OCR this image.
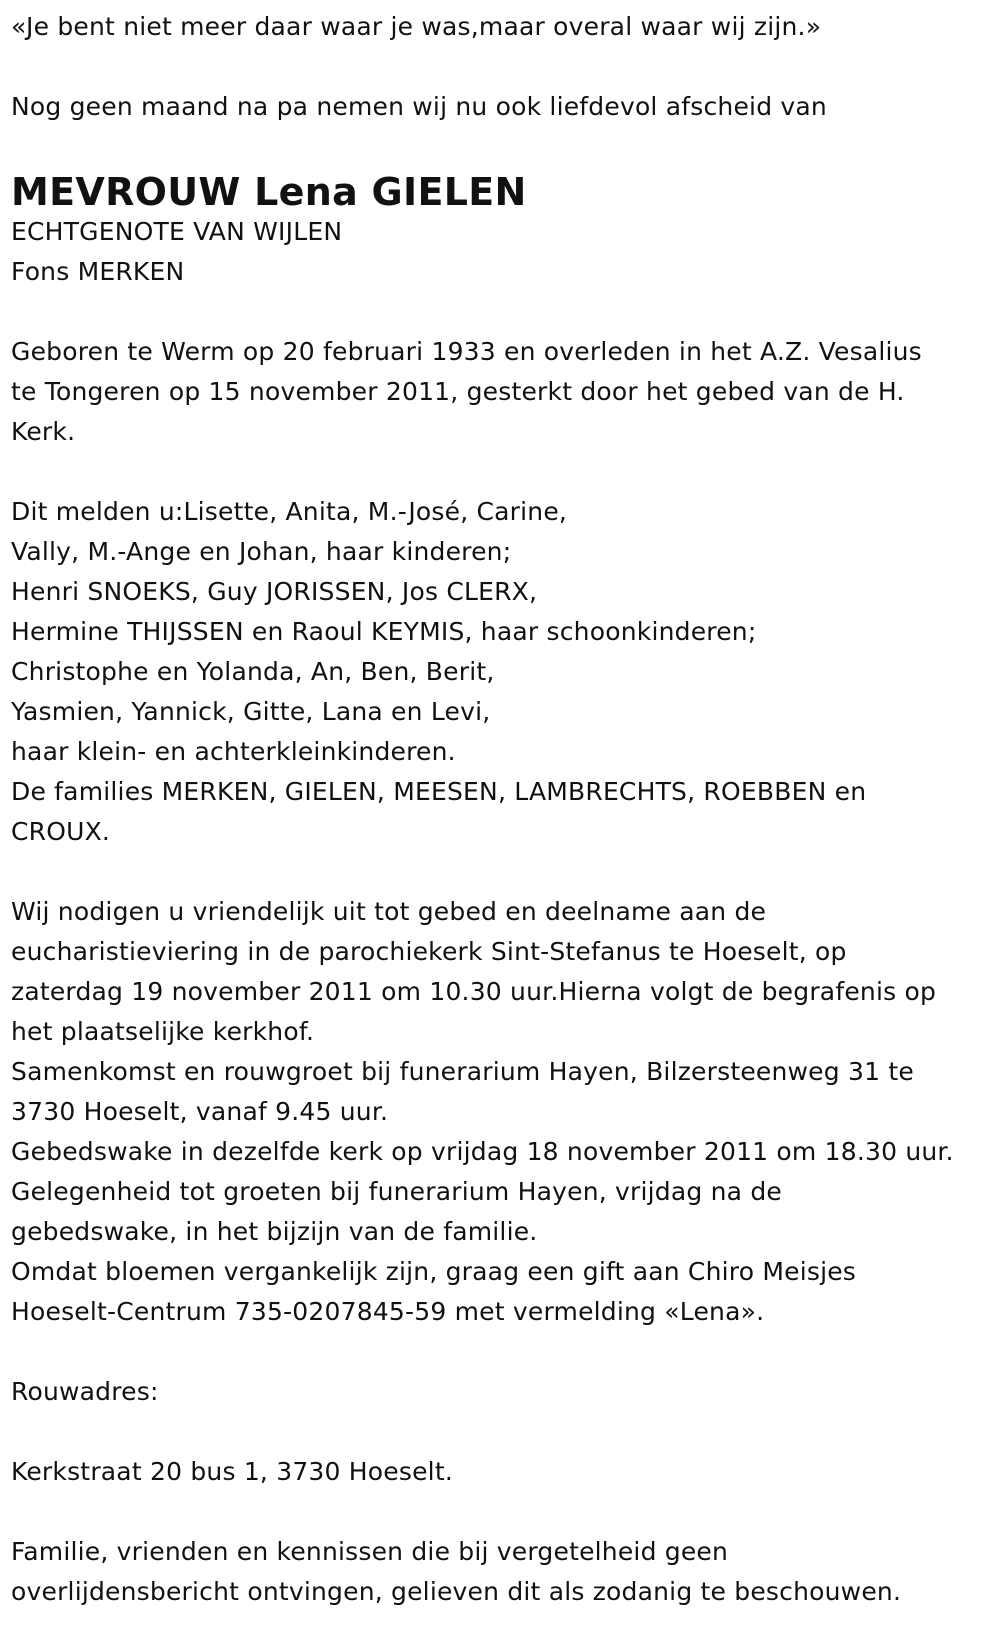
«Je bent niet meer daar waar je was,maar overal waar wij zijn.»
Nog geen maand na pa nemen wij nu ook liefdevol afscheid van
MEVROUW Lena GIELEN
ECHTGENOTE VAN WIJLEN
Fons MERKEN
Geboren te Werm op 20 februari 1933 en overleden in het A.Z. Vesalius
te Tongeren op 15 november 2011, gesterkt door het gebed van de H.
Kerk.
Dit melden u:Lisette, Anita, M.-José, Carine,
Vally, M.-Ange en Johan, haar kinderen;
Henri SNOEKS, Guy JORISSEN, Jos CLERX,
Hermine THIJSSEN en Raoul KEYMIS, haar schoonkinderen;
Christophe en Yolanda, An, Ben, Berit,
Yasmien, Yannick, Gitte, Lana en Levi,
haar klein- en achterkleinkinderen.
De families MERKEN, GIELEN, MEESEN, LAMBRECHTS, ROEBBEN en
CROUX.
Wij nodigen u vriendelijk uit tot gebed en deelname aan de
eucharistieviering in de parochiekerk Sint-Stefanus te Hoeselt, op
zaterdag 19 november 2011 om 10.30 uur.Hierna volgt de begrafenis op
het plaatselijke kerkhof.
Samenkomst en rouwgroet bij funerarium Hayen, Bilzersteenweg 31 te
3730 Hoeselt, vanaf 9.45 uur.
Gebedswake in dezelfde kerk op vrijdag 18 november 2011 om 18.30 uur.
Gelegenheid tot groeten bij funerarium Hayen, vrijdag na de
gebedswake, in het bijzijn van de familie.
Omdat bloemen vergankelijk zijn, graag een gift aan Chiro Meisjes
Hoeselt-Centrum 735-0207845-59 met vermelding «Lena».
Rouwadres:
Kerkstraat 20 bus 1, 3730 Hoeselt.
Familie, vrienden en kennissen die bij vergetelheid geen
overlijdensbericht ontvingen, gelieven dit als zodanig te beschouwen.
